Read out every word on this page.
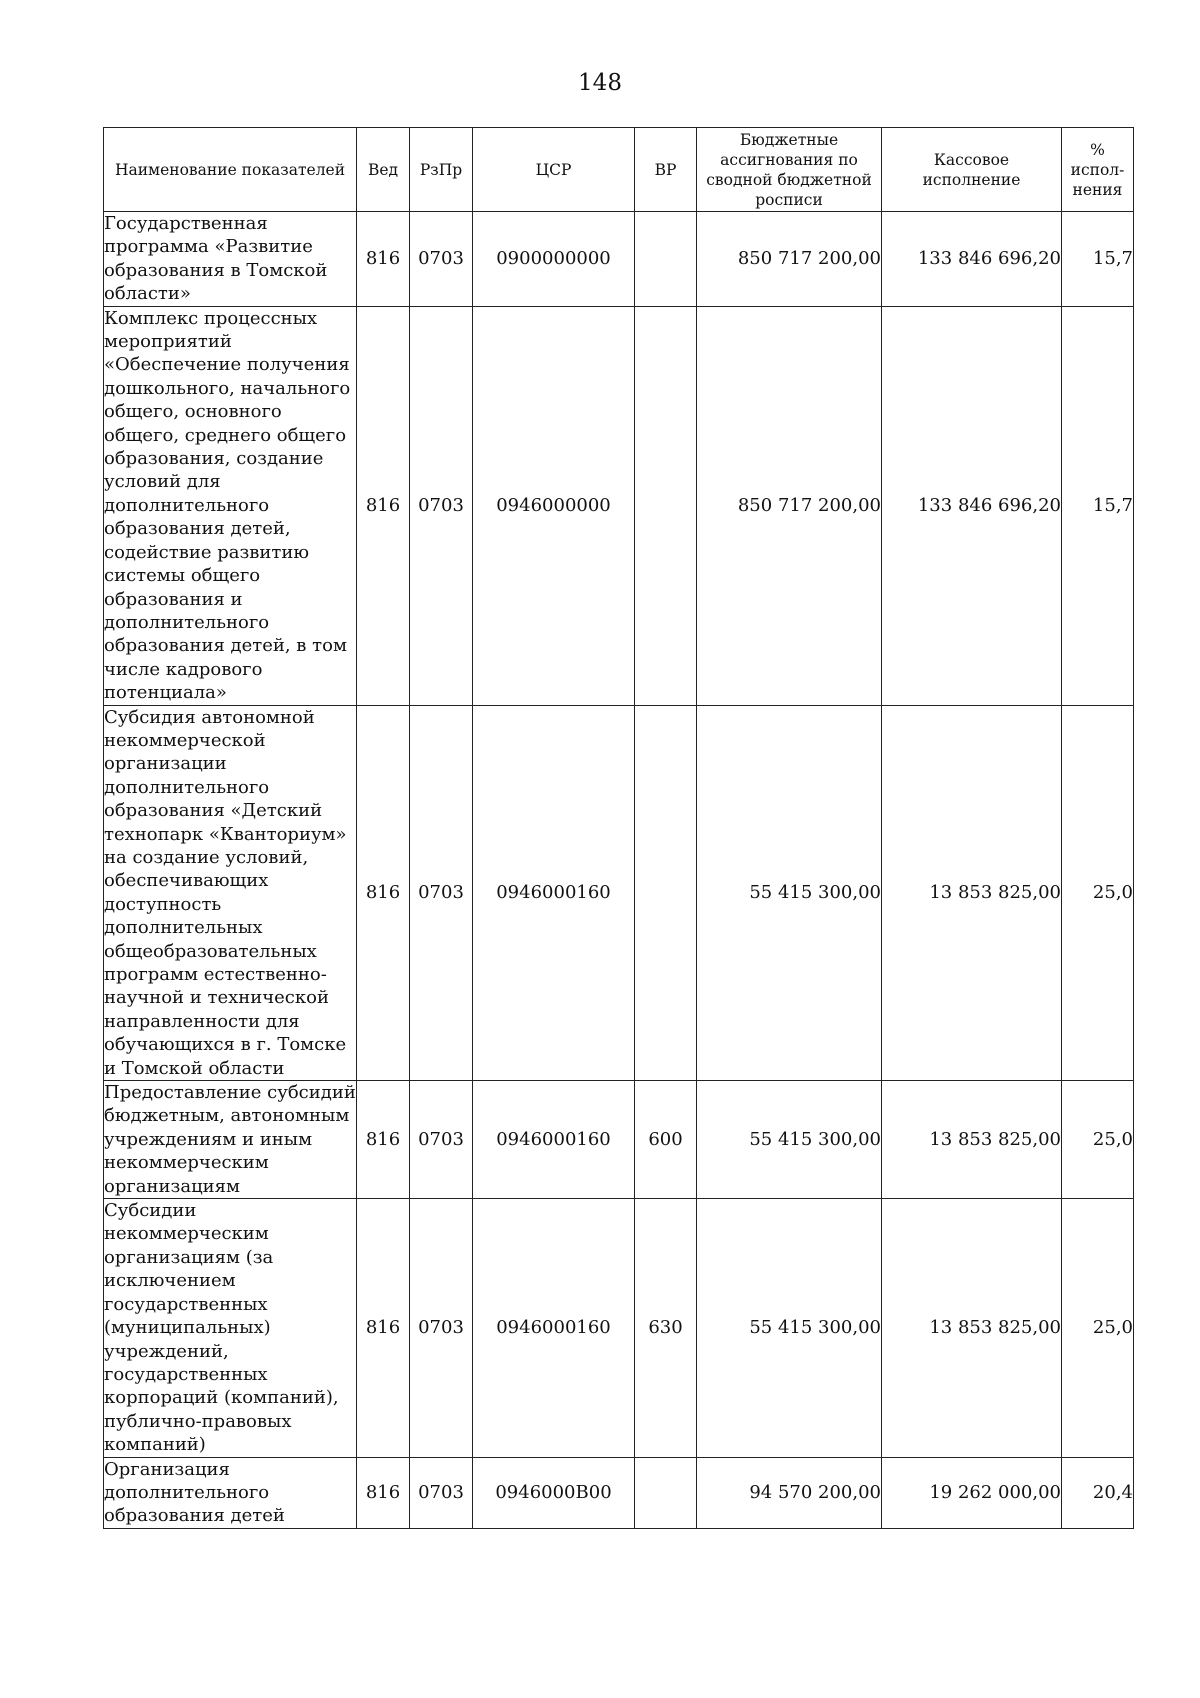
148
Наименование показателей	Вед	РзПр	ЦСР	ВР	Бюджетные ассигнования по сводной бюджетной росписи	Кассовое исполнение	% испол-нения
Государственная программа «Развитие образования в Томской области»	816	0703	0900000000		850 717 200,00	133 846 696,20	15,7
Комплекс процессных мероприятий «Обеспечение получения дошкольного, начального общего, основного общего, среднего общего образования, создание условий для дополнительного образования детей, содействие развитию системы общего образования и дополнительного образования детей, в том числе кадрового потенциала»	816	0703	0946000000		850 717 200,00	133 846 696,20	15,7
Субсидия автономной некоммерческой организации дополнительного образования «Детский технопарк «Кванториум» на создание условий, обеспечивающих доступность дополнительных общеобразовательных программ естественно-научной и технической направленности для обучающихся в г. Томске и Томской области	816	0703	0946000160		55 415 300,00	13 853 825,00	25,0
Предоставление субсидий бюджетным, автономным учреждениям и иным некоммерческим организациям	816	0703	0946000160	600	55 415 300,00	13 853 825,00	25,0
Субсидии некоммерческим организациям (за исключением государственных (муниципальных) учреждений, государственных корпораций (компаний), публично-правовых компаний)	816	0703	0946000160	630	55 415 300,00	13 853 825,00	25,0
Организация дополнительного образования детей	816	0703	0946000B00		94 570 200,00	19 262 000,00	20,4
